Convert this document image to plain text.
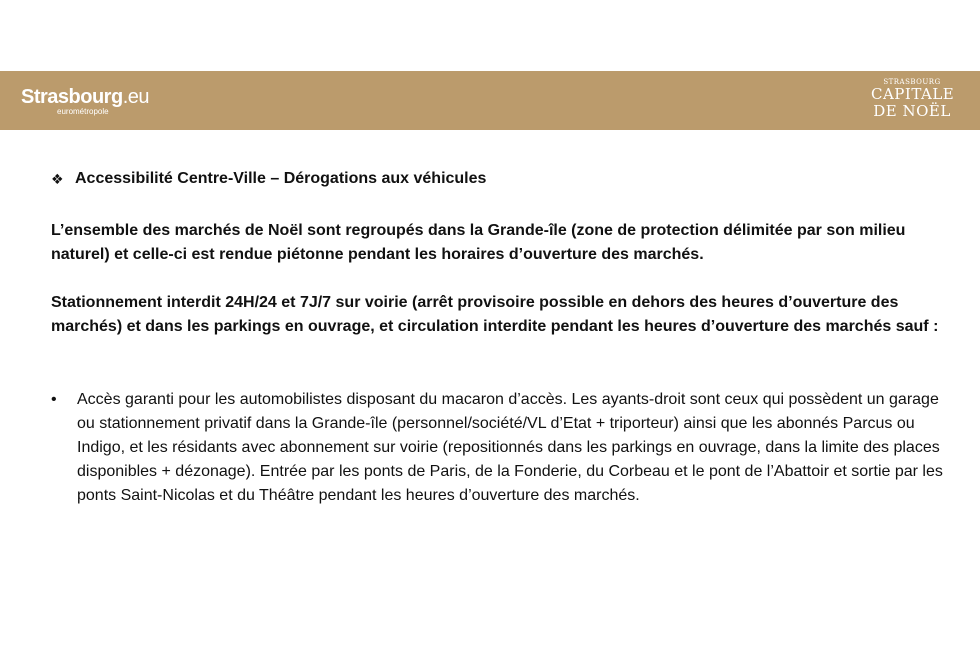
Strasbourg.eu
eurométropole
STRASBOURG
CAPITALE
DE NOËL
❖ Accessibilité Centre-Ville – Dérogations aux véhicules

L’ensemble des marchés de Noël sont regroupés dans la Grande-île (zone de protection délimitée par son milieu naturel) et celle-ci est rendue piétonne pendant les horaires d’ouverture des marchés.

Stationnement interdit 24H/24 et 7J/7 sur voirie (arrêt provisoire possible en dehors des heures d’ouverture des marchés) et dans les parkings en ouvrage, et circulation interdite pendant les heures d’ouverture des marchés sauf :

•	Accès garanti pour les automobilistes disposant du macaron d’accès. Les ayants-droit sont ceux qui possèdent un garage ou stationnement privatif dans la Grande-île (personnel/société/VL d’Etat + triporteur) ainsi que les abonnés Parcus ou Indigo, et les résidants avec abonnement sur voirie (repositionnés dans les parkings en ouvrage, dans la limite des places disponibles + dézonage). Entrée par les ponts de Paris, de la Fonderie, du Corbeau et le pont de l’Abattoir et sortie par les ponts Saint-Nicolas et du Théâtre pendant les heures d’ouverture des marchés.
